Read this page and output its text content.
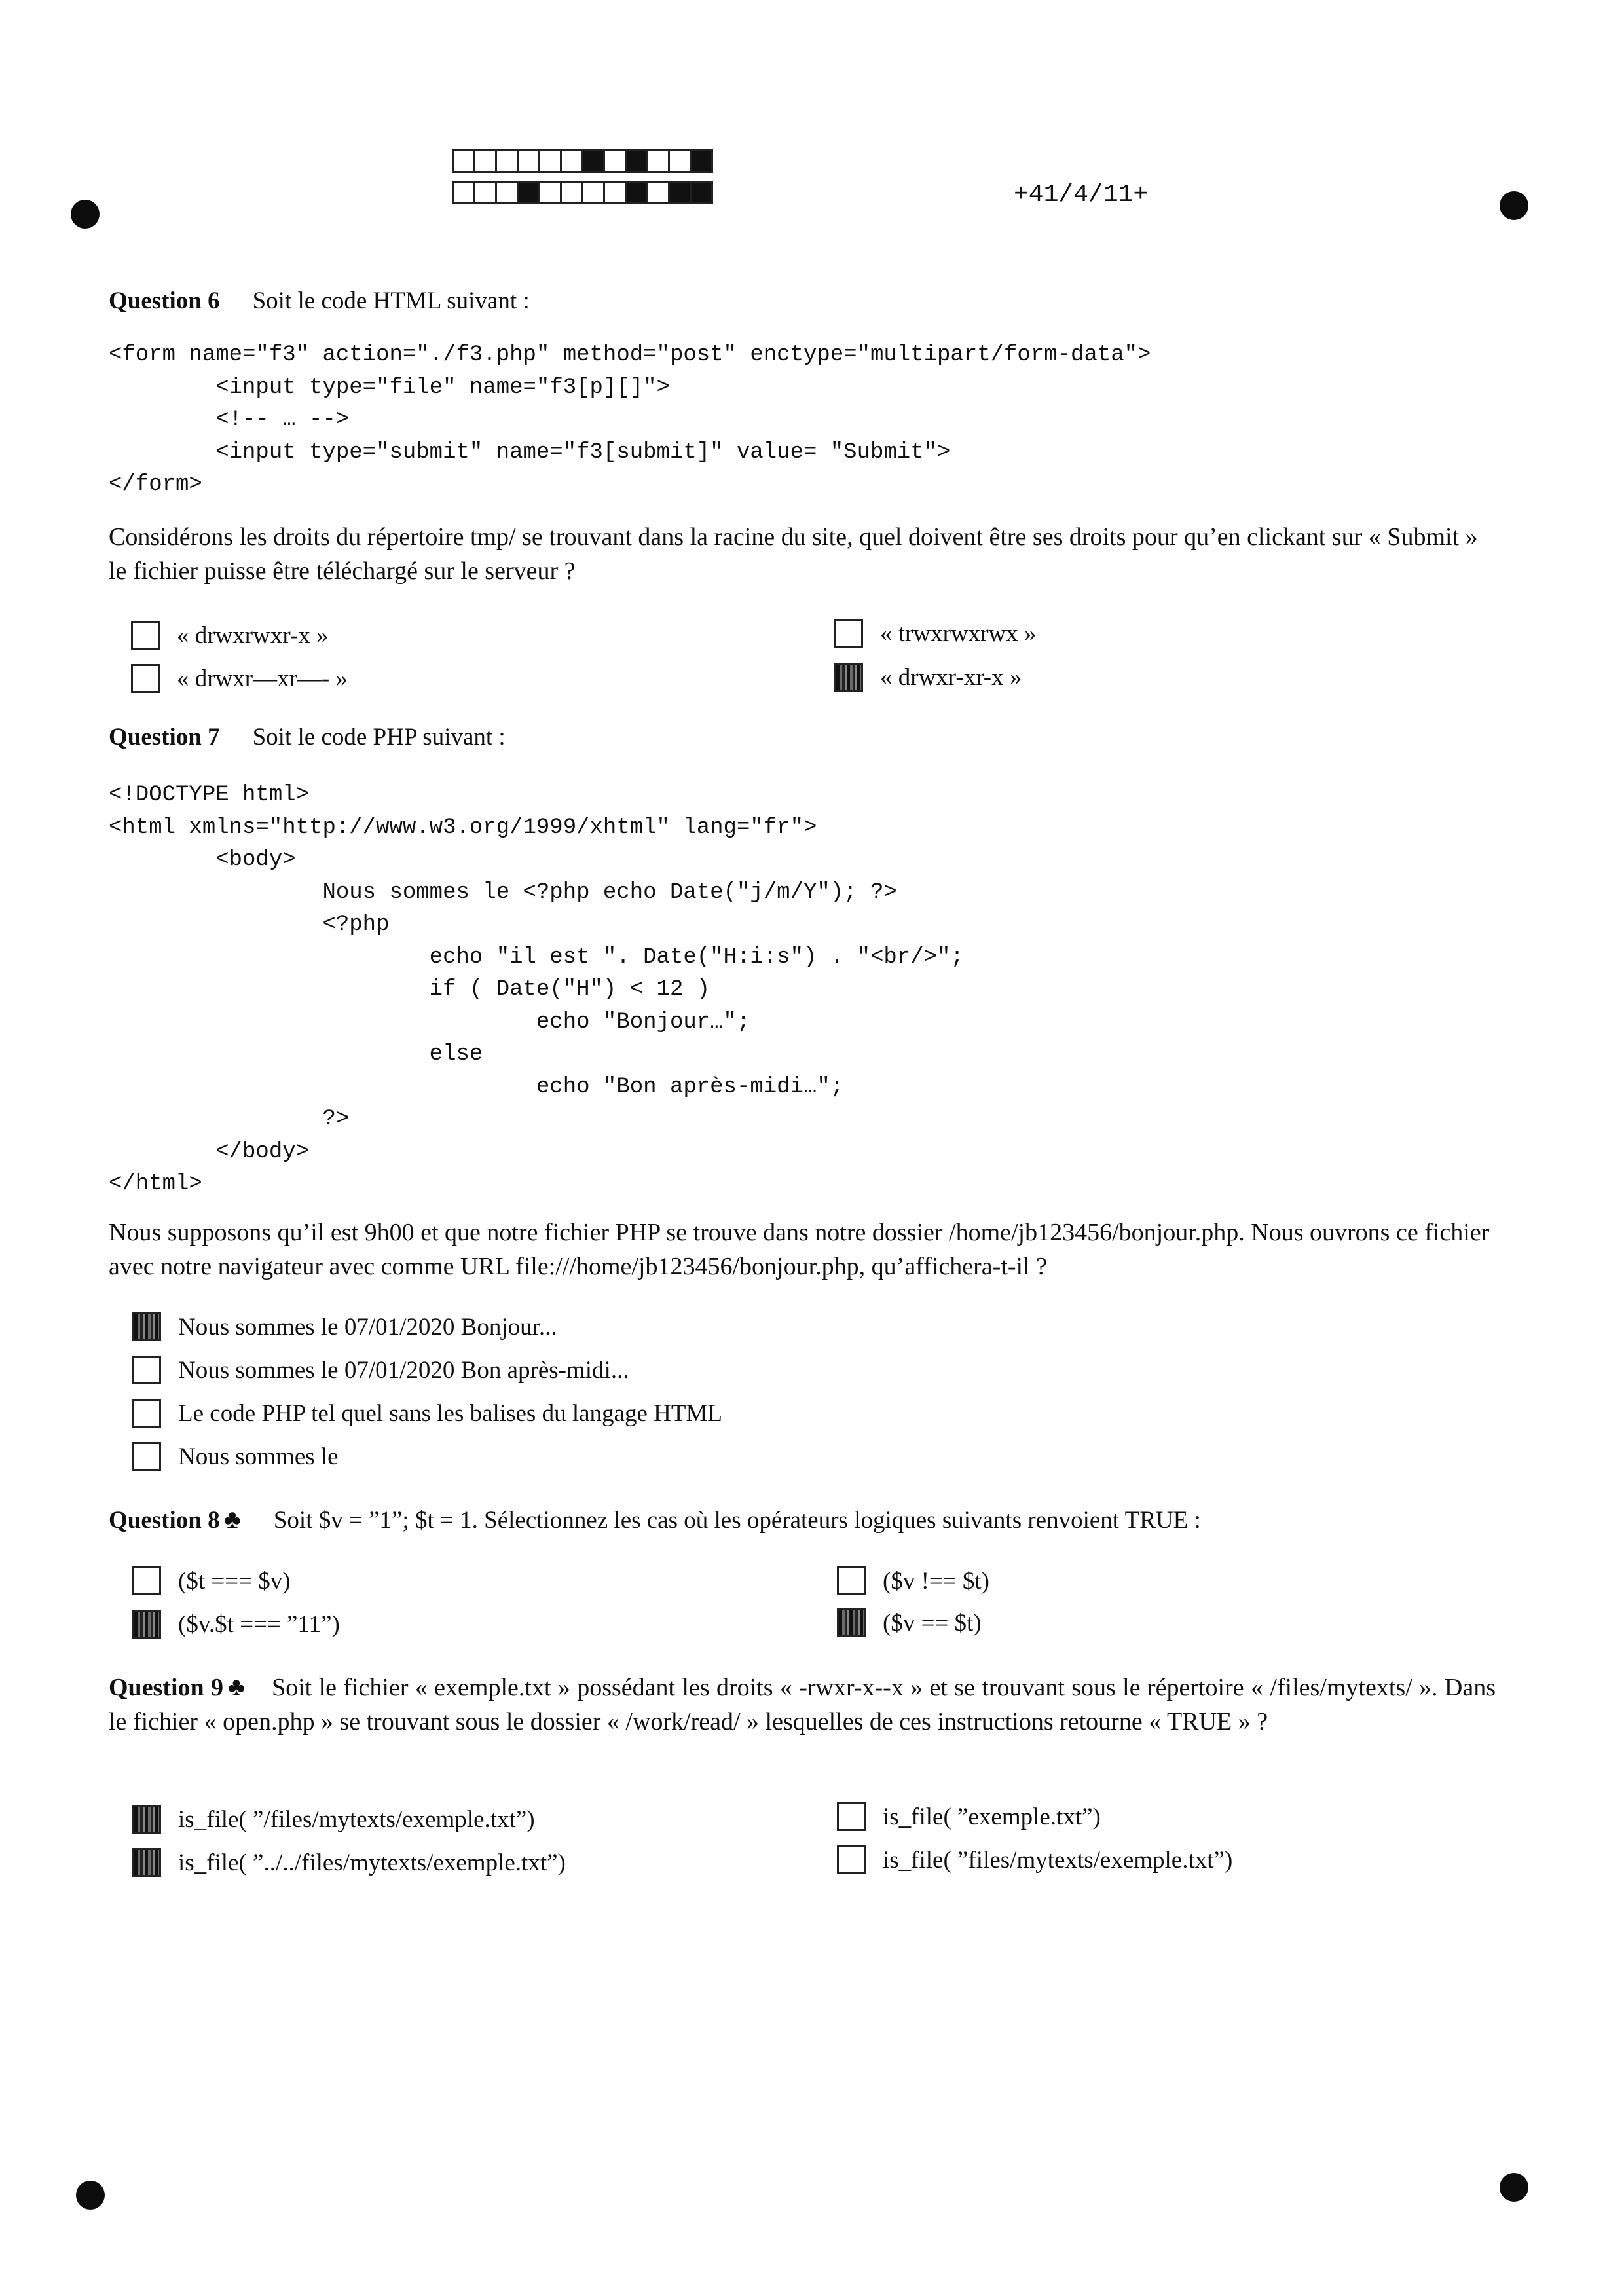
+41/4/11+
Question 6 Soit le code HTML suivant :
<form name="f3" action="./f3.php" method="post" enctype="multipart/form-data">
<input type="file" name="f3[p][]">
<!-- … -->
<input type="submit" name="f3[submit]" value= "Submit">
</form>
Considérons les droits du répertoire tmp/ se trouvant dans la racine du site, quel doivent être ses droits pour qu’en clickant sur « Submit » le fichier puisse être téléchargé sur le serveur ?
« drwxrwxr-x »
« drwxr—xr—- »
« trwxrwxrwx »
« drwxr-xr-x »
Question 7 Soit le code PHP suivant :
<!DOCTYPE html>
<html xmlns="http://www.w3.org/1999/xhtml" lang="fr">
<body>
Nous sommes le <?php echo Date("j/m/Y"); ?>
<?php
echo "il est ". Date("H:i:s") . "<br/>";
if ( Date("H") < 12 )
echo "Bonjour…";
else
echo "Bon après-midi…";
?>
</body>
</html>
Nous supposons qu’il est 9h00 et que notre fichier PHP se trouve dans notre dossier /home/jb123456/bonjour.php. Nous ouvrons ce fichier avec notre navigateur avec comme URL file:///home/jb123456/bonjour.php, qu’affichera-t-il ?
Nous sommes le 07/01/2020 Bonjour...
Nous sommes le 07/01/2020 Bon après-midi...
Le code PHP tel quel sans les balises du langage HTML
Nous sommes le
Question 8 ♣ Soit $v = ”1”; $t = 1. Sélectionnez les cas où les opérateurs logiques suivants renvoient TRUE :
($t === $v)
($v.$t === ”11”)
($v !== $t)
($v == $t)
Question 9 ♣ Soit le fichier « exemple.txt » possédant les droits « -rwxr-x--x » et se trouvant sous le répertoire « /files/mytexts/ ». Dans le fichier « open.php » se trouvant sous le dossier « /work/read/ » lesquelles de ces instructions retourne « TRUE » ?
is_file( ”/files/mytexts/exemple.txt”)
is_file( ”../../files/mytexts/exemple.txt”)
is_file( ”exemple.txt”)
is_file( ”files/mytexts/exemple.txt”)
